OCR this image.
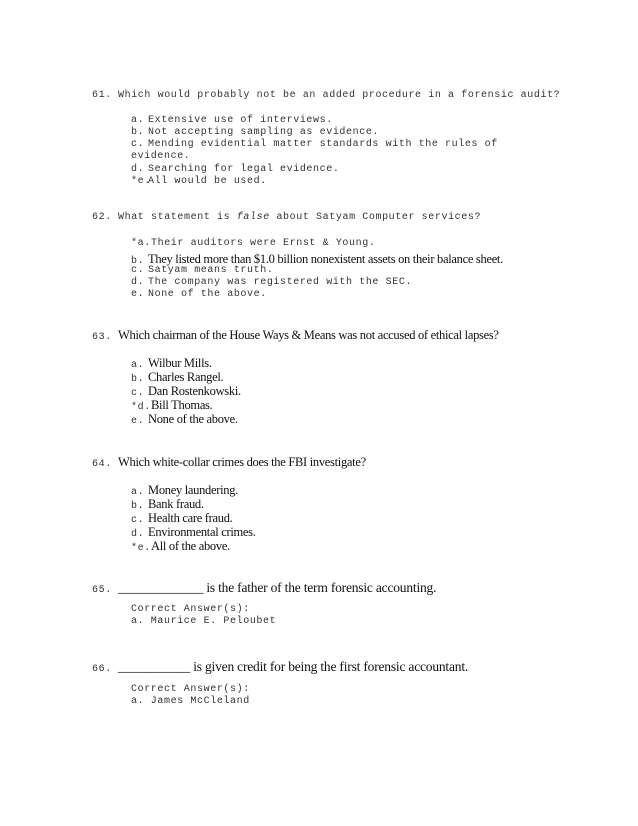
61. Which would probably not be an added procedure in a forensic audit?
a. Extensive use of interviews.
b. Not accepting sampling as evidence.
c. Mending evidential matter standards with the rules of
evidence.
d. Searching for legal evidence.
*e.All would be used.
62. What statement is false about Satyam Computer services?
*a.Their auditors were Ernst & Young.
b. They listed more than $1.0 billion nonexistent assets on their balance sheet.
c. Satyam means truth.
d. The company was registered with the SEC.
e. None of the above.
63. Which chairman of the House Ways & Means was not accused of ethical lapses?
a. Wilbur Mills.
b. Charles Rangel.
c. Dan Rostenkowski.
*d.Bill Thomas.
e. None of the above.
64. Which white-collar crimes does the FBI investigate?
a. Money laundering.
b. Bank fraud.
c. Health care fraud.
d. Environmental crimes.
*e.All of the above.
65. _____________ is the father of the term forensic accounting.
Correct Answer(s):
a. Maurice E. Peloubet
66. ___________ is given credit for being the first forensic accountant.
Correct Answer(s):
a. James McCleland
